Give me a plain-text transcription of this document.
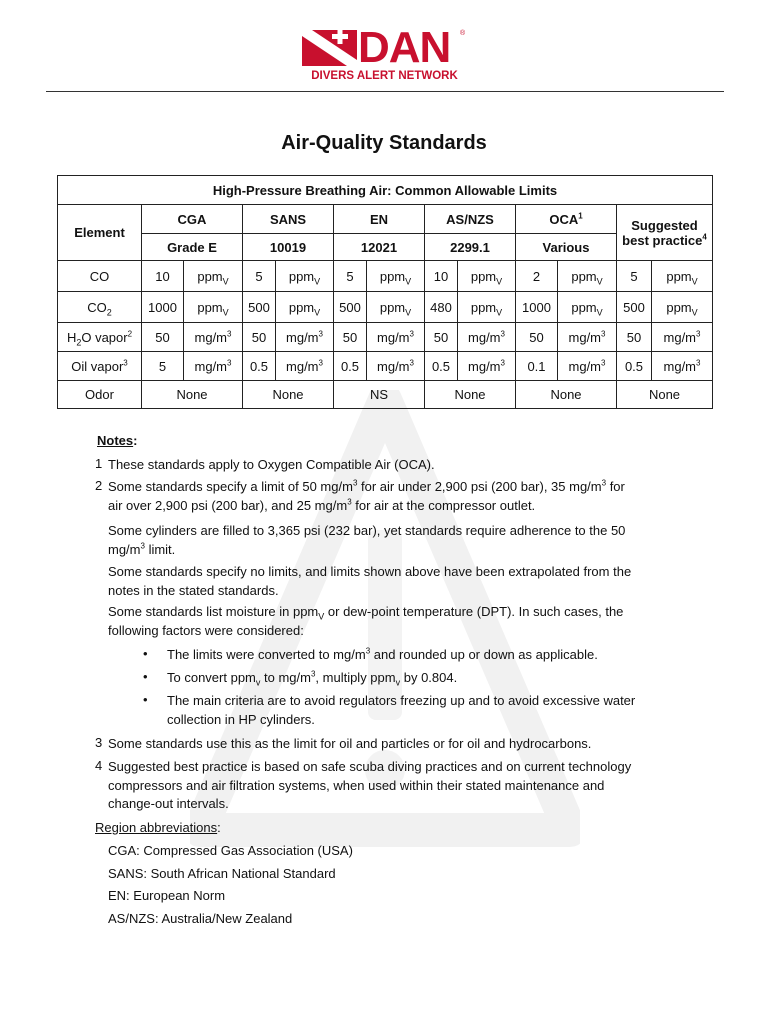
DAN ®
DIVERS ALERT NETWORK
Air-Quality Standards
High-Pressure Breathing Air: Common Allowable Limits												
Element	CGA		SANS		EN		AS/NZS		OCA$^1$		Suggested
best practice$^4$
	Grade E		10019		12021		2299.1		Various			
CO	10	ppm$_V$	5	ppm$_V$	5	ppm$_V$	10	ppm$_V$	2	ppm$_V$	5	ppm$_V$
$CO_2$	1000	ppm$_V$	500	ppm$_V$	500	ppm$_V$	480	ppm$_V$	1000	ppm$_V$	500	ppm$_V$
$H_2O$ vapor$^2$	50	$mg/m^3$	50	$mg/m^3$	50	$mg/m^3$	50	$mg/m^3$	50	$mg/m^3$	50	$mg/m^3$
Oil vapor$^3$	5	$mg/m^3$	0.5	$mg/m^3$	0.5	$mg/m^3$	0.5	$mg/m^3$	0.1	$mg/m^3$	0.5	$mg/m^3$
Odor	None		None		NS		None		None		None	
Notes:
1 These standards apply to Oxygen Compatible Air (OCA).
2 Some standards specify a limit of 50 $mg/m^3$ for air under 2,900 psi (200 bar), 35 $mg/m^3$ for
air over 2,900 psi (200 bar), and 25 $mg/m^3$ for air at the compressor outlet.
Some cylinders are filled to 3,365 psi (232 bar), yet standards require adherence to the 50
$mg/m^3$ limit.
Some standards specify no limits, and limits shown above have been extrapolated from the
notes in the stated standards.
Some standards list moisture in ppm$_V$ or dew-point temperature (DPT). In such cases, the
following factors were considered:
• The limits were converted to $mg/m^3$ and rounded up or down as applicable.
• To convert ppm$_v$ to $mg/m^3$, multiply ppm$_v$ by 0.804.
• The main criteria are to avoid regulators freezing up and to avoid excessive water
collection in HP cylinders.
3 Some standards use this as the limit for oil and particles or for oil and hydrocarbons.
4 Suggested best practice is based on safe scuba diving practices and on current technology
compressors and air filtration systems, when used within their stated maintenance and
change-out intervals.
Region abbreviations:
CGA: Compressed Gas Association (USA)
SANS: South African National Standard
EN: European Norm
AS/NZS: Australia/New Zealand
